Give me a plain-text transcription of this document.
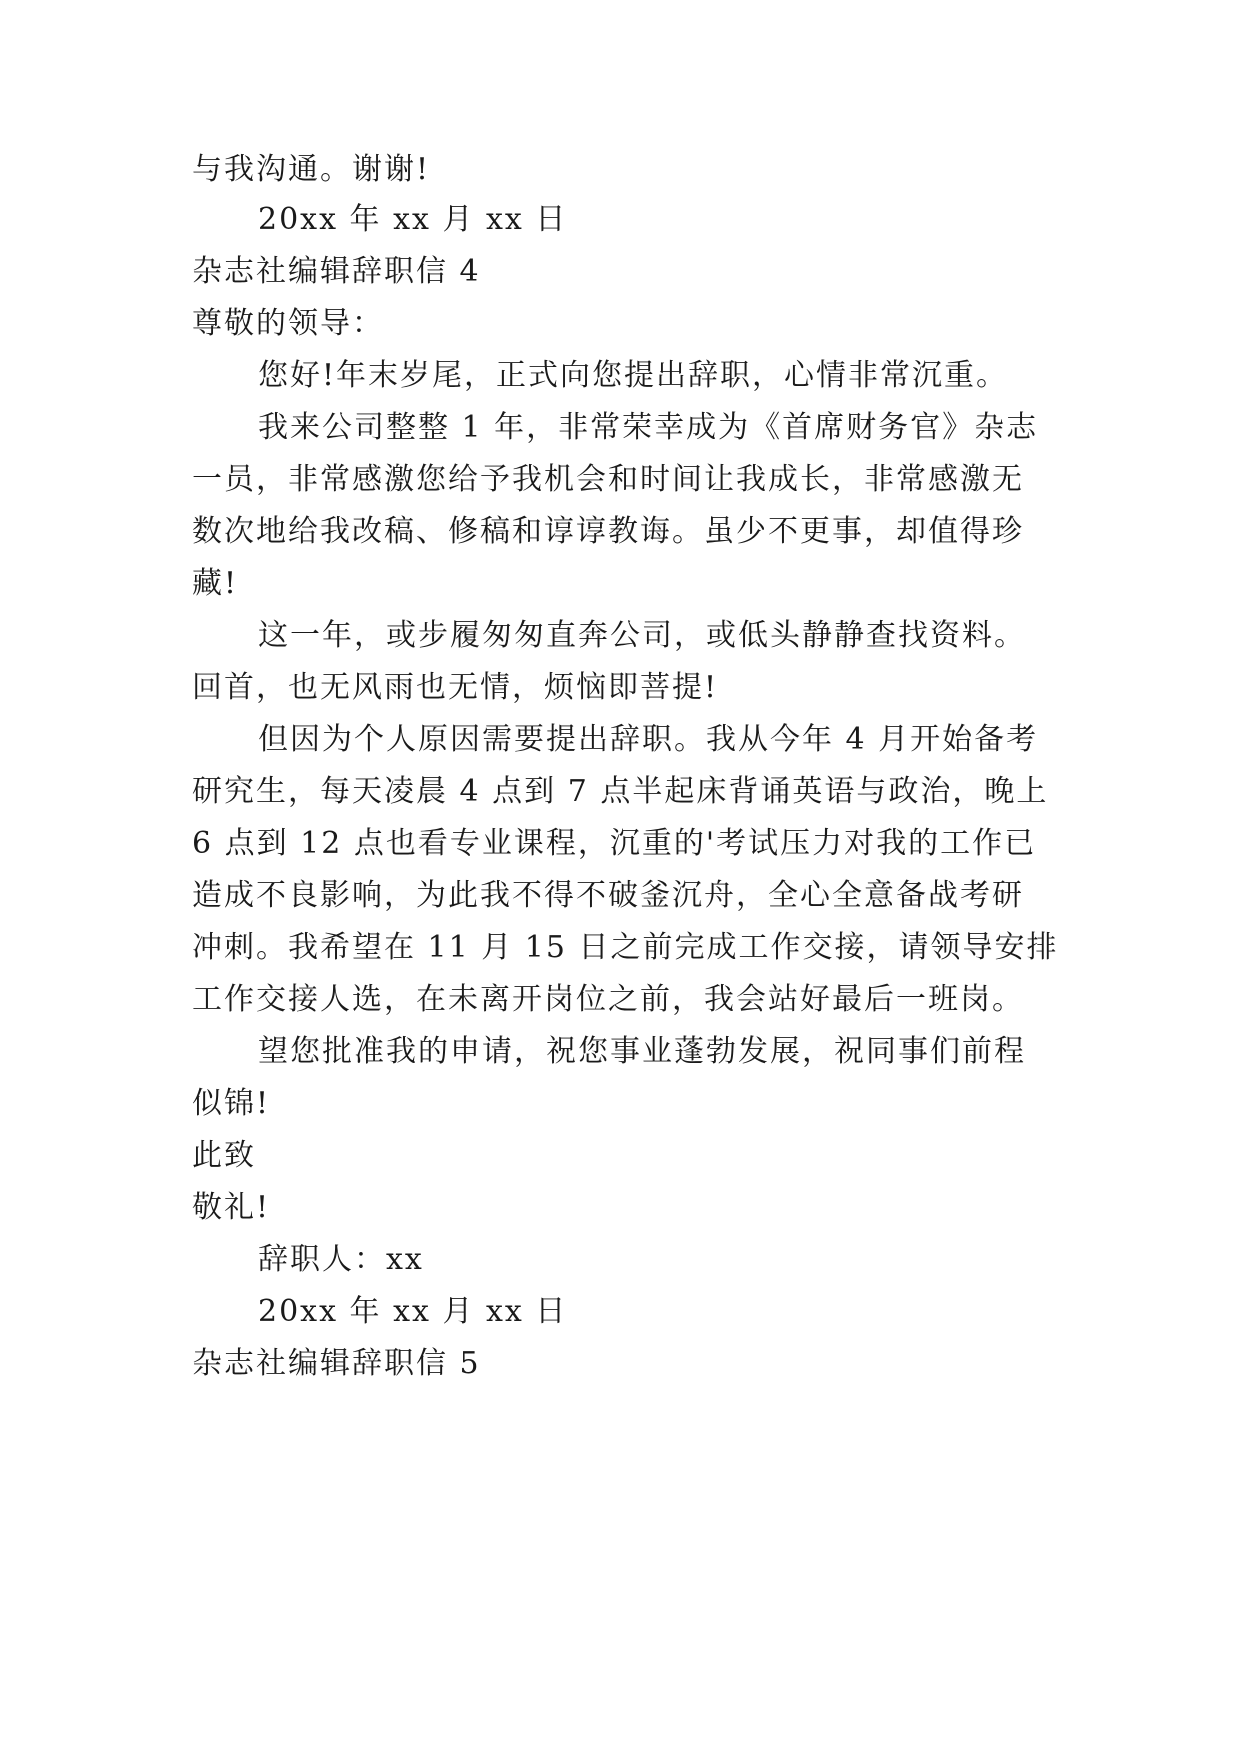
与我沟通。谢谢!
20xx 年 xx 月 xx 日
杂志社编辑辞职信 4
尊敬的领导：
您好!年末岁尾，正式向您提出辞职，心情非常沉重。
我来公司整整 1 年，非常荣幸成为《首席财务官》杂志
一员，非常感激您给予我机会和时间让我成长，非常感激无
数次地给我改稿、修稿和谆谆教诲。虽少不更事，却值得珍
藏!
这一年，或步履匆匆直奔公司，或低头静静查找资料。
回首，也无风雨也无情，烦恼即菩提!
但因为个人原因需要提出辞职。我从今年 4 月开始备考
研究生，每天凌晨 4 点到 7 点半起床背诵英语与政治，晚上
6 点到 12 点也看专业课程，沉重的'考试压力对我的工作已
造成不良影响，为此我不得不破釜沉舟，全心全意备战考研
冲刺。我希望在 11 月 15 日之前完成工作交接，请领导安排
工作交接人选，在未离开岗位之前，我会站好最后一班岗。
望您批准我的申请，祝您事业蓬勃发展，祝同事们前程
似锦!
此致
敬礼!
辞职人：xx
20xx 年 xx 月 xx 日
杂志社编辑辞职信 5
